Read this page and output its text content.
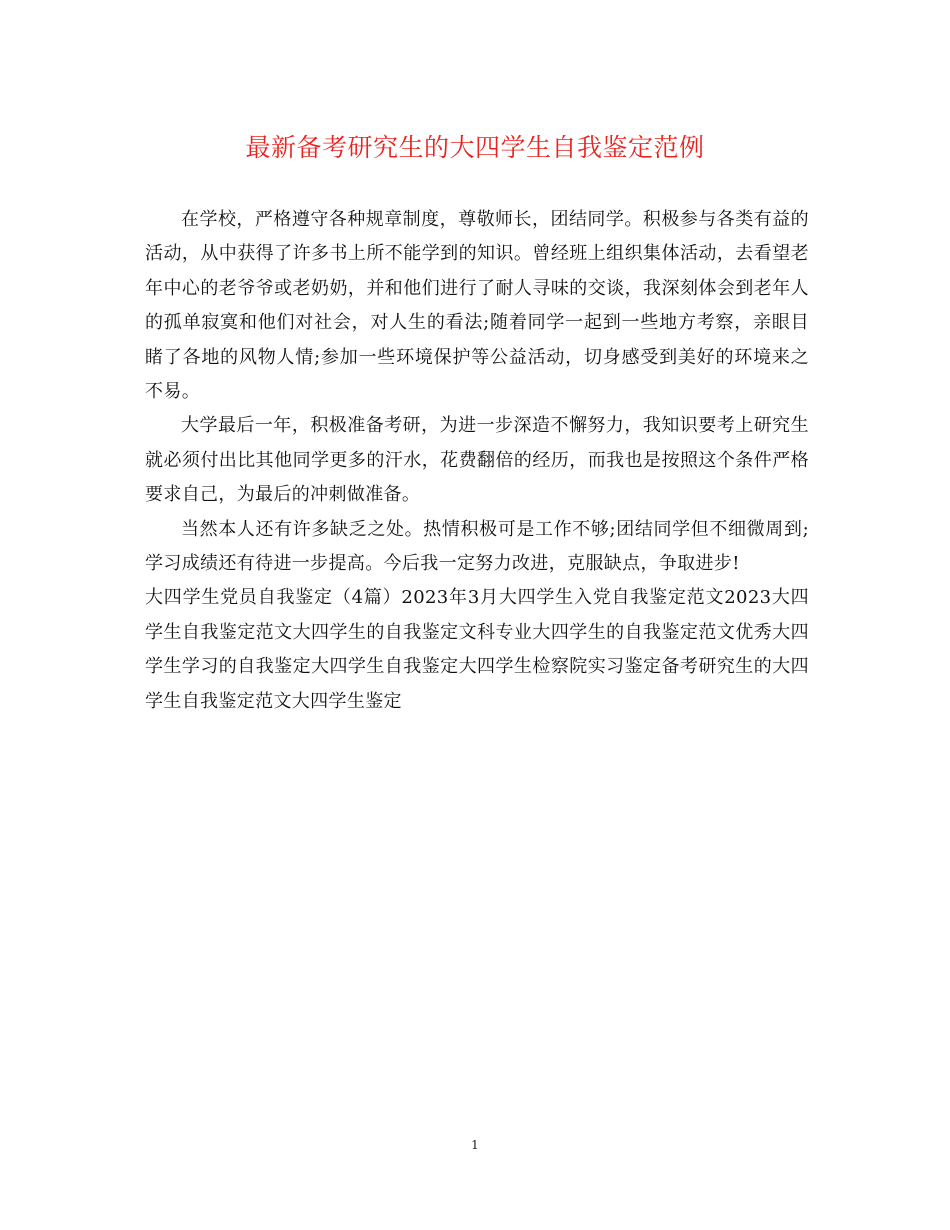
最新备考研究生的大四学生自我鉴定范例

在学校，严格遵守各种规章制度，尊敬师长，团结同学。积极参与各类有益的活动，从中获得了许多书上所不能学到的知识。曾经班上组织集体活动，去看望老年中心的老爷爷或老奶奶，并和他们进行了耐人寻味的交谈，我深刻体会到老年人的孤单寂寞和他们对社会，对人生的看法;随着同学一起到一些地方考察，亲眼目睹了各地的风物人情;参加一些环境保护等公益活动，切身感受到美好的环境来之不易。

大学最后一年，积极准备考研，为进一步深造不懈努力，我知识要考上研究生就必须付出比其他同学更多的汗水，花费翻倍的经历，而我也是按照这个条件严格要求自己，为最后的冲刺做准备。

当然本人还有许多缺乏之处。热情积极可是工作不够;团结同学但不细微周到;学习成绩还有待进一步提高。今后我一定努力改进，克服缺点，争取进步!

大四学生党员自我鉴定（4篇）2023年3月大四学生入党自我鉴定范文2023大四学生自我鉴定范文大四学生的自我鉴定文科专业大四学生的自我鉴定范文优秀大四学生学习的自我鉴定大四学生自我鉴定大四学生检察院实习鉴定备考研究生的大四学生自我鉴定范文大四学生鉴定

1
